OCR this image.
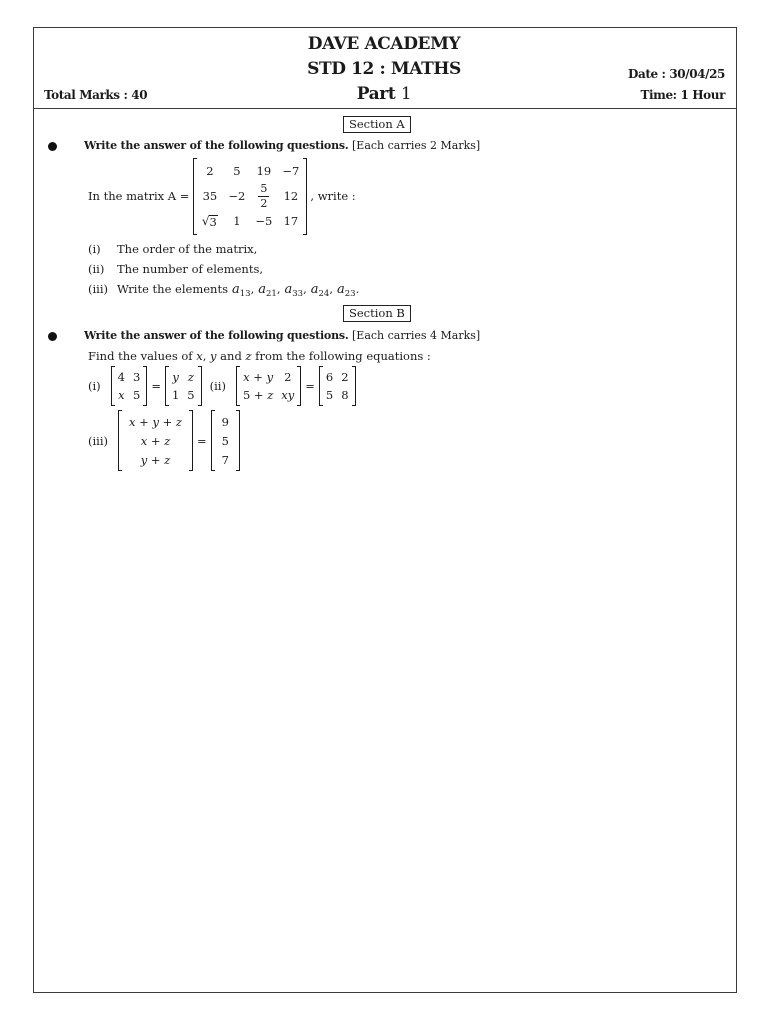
DAVE ACADEMY
STD 12 : MATHS
Part 1
Date : 30/04/25
Total Marks : 40	Time: 1 Hour
Section A
Write the answer of the following questions. [Each carries 2 Marks]
In the matrix A =
2	5	19	−7
35	−2	$\frac{5}{2}$	12

√ 3	1	−5	17
, write :
(i) The order of the matrix,
(ii) The number of elements,
(iii) Write the elements $a_{13}$, $a_{21}$, $a_{33}$, $a_{24}$, $a_{23}$.
Section B
Write the answer of the following questions. [Each carries 4 Marks]
Find the values of x, y and z from the following equations :
(i)
4	3
x	5
=
y	z
1	5
(ii)
x + y	2
5 + z	xy
=
6	2
5	8
(iii)
x + y + z
x + z
y + z
=
9
5
7
